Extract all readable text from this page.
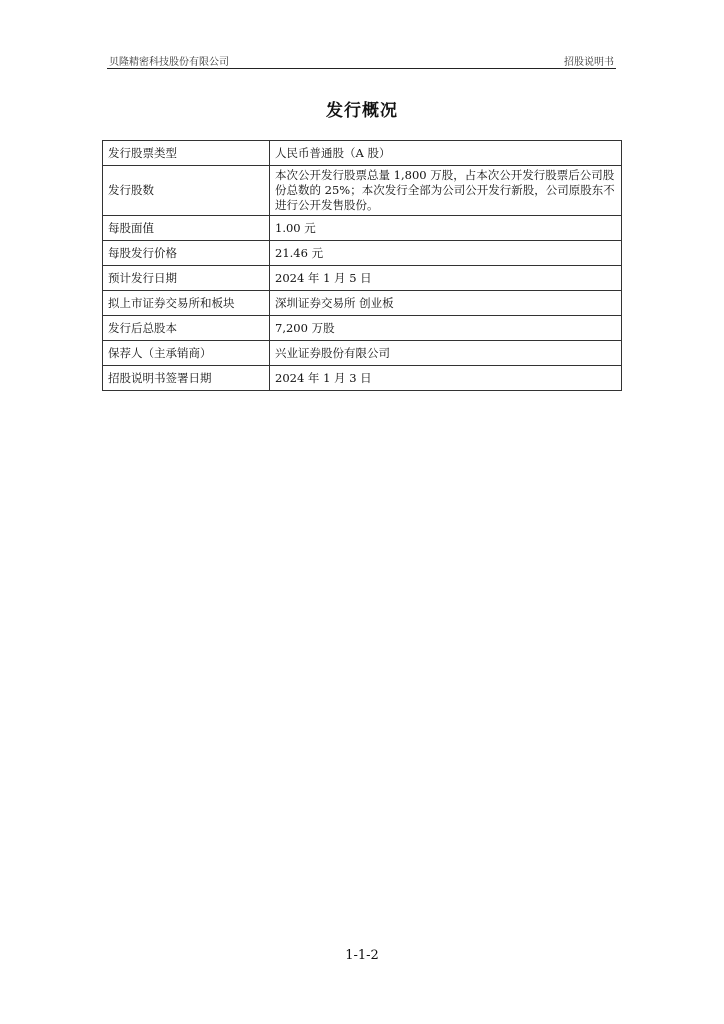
贝隆精密科技股份有限公司	招股说明书
发行概况
发行股票类型	人民币普通股（A 股）
发行股数	本次公开发行股票总量 1,800 万股，占本次公开发行股票后公司股份总数的 25%；本次发行全部为公司公开发行新股，公司原股东不进行公开发售股份。
每股面值	1.00 元
每股发行价格	21.46 元
预计发行日期	2024 年 1 月 5 日
拟上市证券交易所和板块	深圳证券交易所 创业板
发行后总股本	7,200 万股
保荐人（主承销商）	兴业证券股份有限公司
招股说明书签署日期	2024 年 1 月 3 日
1-1-2
